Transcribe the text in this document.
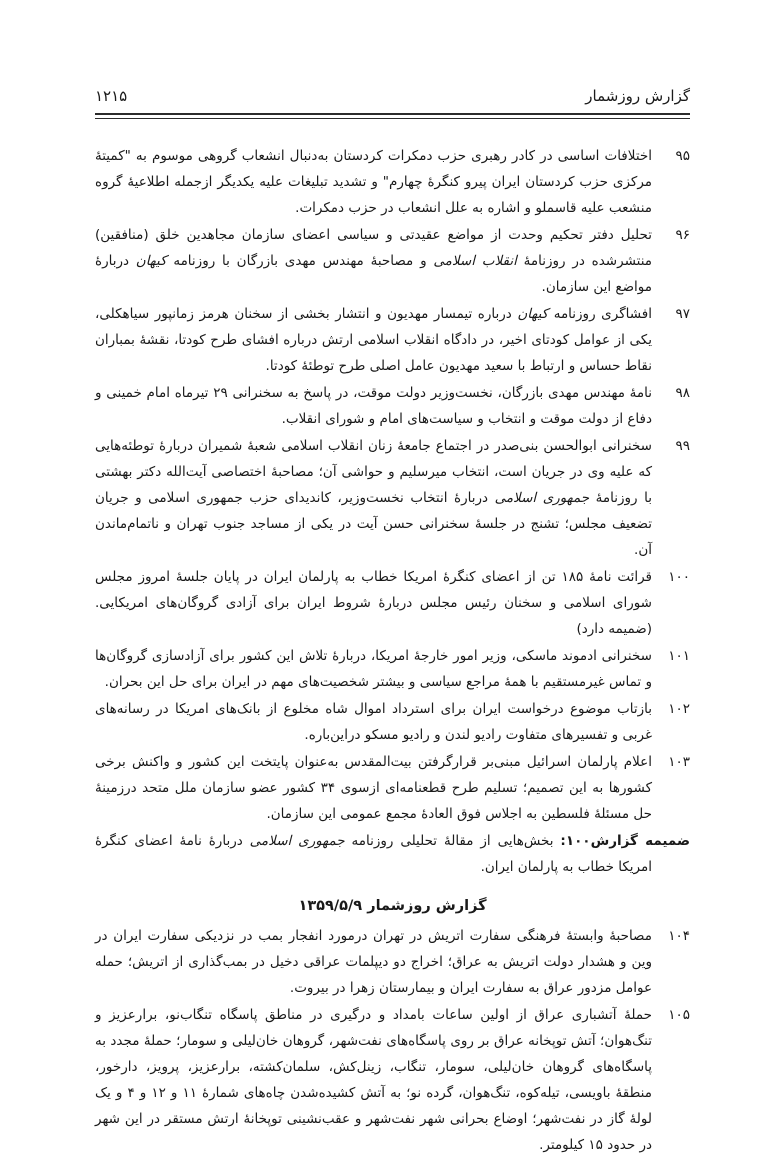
گزارش روزشمار
۱۲۱۵
۹۵اختلافات اساسی در کادر رهبری حزب دمکرات کردستان به‌دنبال انشعاب گروهی موسوم به "کمیتهٔ مرکزی حزب کردستان ایران پیرو کنگرهٔ چهارم" و تشدید تبلیغات علیه یکدیگر ازجمله اطلاعیهٔ گروه منشعب علیه قاسملو و اشاره به علل انشعاب در حزب دمکرات.
۹۶تحلیل دفتر تحکیم وحدت از مواضع عقیدتی و سیاسی اعضای سازمان مجاهدین خلق (منافقین) منتشرشده در روزنامهٔ انقلاب اسلامی و مصاحبهٔ مهندس مهدی بازرگان با روزنامه کیهان دربارهٔ مواضع این سازمان.
۹۷افشاگری روزنامه کیهان درباره تیمسار مهدیون و انتشار بخشی از سخنان هرمز زمانپور سیاهکلی، یکی از عوامل کودتای اخیر، در دادگاه انقلاب اسلامی ارتش درباره افشای طرح کودتا، نقشهٔ بمباران نقاط حساس و ارتباط با سعید مهدیون عامل اصلی طرح توطئهٔ کودتا.
۹۸نامهٔ مهندس مهدی بازرگان، نخست‌وزیر دولت موقت، در پاسخ به سخنرانی ۲۹ تیرماه امام خمینی و دفاع از دولت موقت و انتخاب و سیاست‌های امام و شورای انقلاب.
۹۹سخنرانی ابوالحسن بنی‌صدر در اجتماع جامعهٔ زنان انقلاب اسلامی شعبهٔ شمیران دربارهٔ توطئه‌هایی که علیه وی در جریان است، انتخاب میرسلیم و حواشی آن؛ مصاحبهٔ اختصاصی آیت‌الله دکتر بهشتی با روزنامهٔ جمهوری اسلامی دربارهٔ انتخاب نخست‌وزیر، کاندیدای حزب جمهوری اسلامی و جریان تضعیف مجلس؛ تشنج در جلسهٔ سخنرانی حسن آیت در یکی از مساجد جنوب تهران و ناتمام‌ماندن آن.
۱۰۰قرائت نامهٔ ۱۸۵ تن از اعضای کنگرهٔ امریکا خطاب به پارلمان ایران در پایان جلسهٔ امروز مجلس شورای اسلامی و سخنان رئیس مجلس دربارهٔ شروط ایران برای آزادی گروگان‌های امریکایی. (ضمیمه دارد)
۱۰۱سخنرانی ادموند ماسکی، وزیر امور خارجهٔ امریکا، دربارهٔ تلاش این کشور برای آزادسازی گروگان‌ها و تماس غیرمستقیم با همهٔ مراجع سیاسی و بیشتر شخصیت‌های مهم در ایران برای حل این بحران.
۱۰۲بازتاب موضوع درخواست ایران برای استرداد اموال شاه مخلوع از بانک‌های امریکا در رسانه‌های غربی و تفسیرهای متفاوت رادیو لندن و رادیو مسکو دراین‌باره.
۱۰۳اعلام پارلمان اسرائیل مبنی‌بر قرارگرفتن بیت‌المقدس به‌عنوان پایتخت این کشور و واکنش برخی کشورها به این تصمیم؛ تسلیم طرح قطعنامه‌ای ازسوی ۳۴ کشور عضو سازمان ملل متحد درزمینهٔ حل مسئلهٔ فلسطین به اجلاس فوق العادهٔ مجمع عمومی این سازمان.
ضمیمه گزارش۱۰۰: بخش‌هایی از مقالهٔ تحلیلی روزنامه جمهوری اسلامی دربارهٔ نامهٔ اعضای کنگرهٔ امریکا خطاب به پارلمان ایران.
گزارش روزشمار ۱۳۵۹/۵/۹
۱۰۴مصاحبهٔ وابستهٔ فرهنگی سفارت اتریش در تهران درمورد انفجار بمب در نزدیکی سفارت ایران در وین و هشدار دولت اتریش به عراق؛ اخراج دو دیپلمات عراقی دخیل در بمب‌گذاری از اتریش؛ حمله عوامل مزدور عراق به سفارت ایران و بیمارستان زهرا در بیروت.
۱۰۵حملهٔ آتشباری عراق از اولین ساعات بامداد و درگیری در مناطق پاسگاه تنگاب‌نو، برارعزیز و تنگ‌هوان؛ آتش توپخانه عراق بر روی پاسگاه‌های نفت‌شهر، گروهان خان‌لیلی و سومار؛ حملهٔ مجدد به پاسگاه‌های گروهان خان‌لیلی، سومار، تنگاب، زینل‌کش، سلمان‌کشته، برارعزیز، پرویز، دارخور، منطقهٔ باویسی، تیله‌کوه، تنگ‌هوان، گرده نو؛ به آتش کشیده‌شدن چاه‌های شمارهٔ ۱۱ و ۱۲ و ۴ و یک لولهٔ گاز در نفت‌شهر؛ اوضاع بحرانی شهر نفت‌شهر و عقب‌نشینی توپخانهٔ ارتش مستقر در این شهر در حدود ۱۵ کیلومتر.
